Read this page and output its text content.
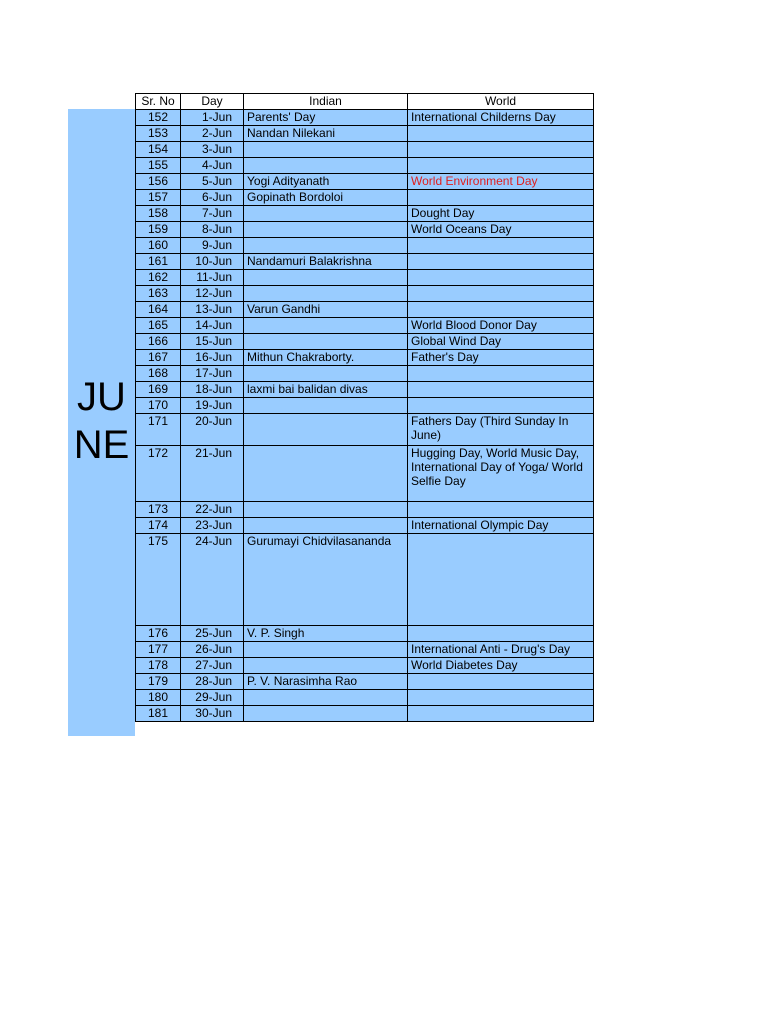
JU
NE
Sr. No	Day	Indian	World
152	1-Jun	Parents' Day	International Childerns Day
153	2-Jun	Nandan Nilekani	
154	3-Jun		
155	4-Jun		
156	5-Jun	Yogi Adityanath	World Environment Day
157	6-Jun	Gopinath Bordoloi	
158	7-Jun		Dought Day
159	8-Jun		World Oceans Day
160	9-Jun		
161	10-Jun	Nandamuri Balakrishna	
162	11-Jun		
163	12-Jun		
164	13-Jun	Varun Gandhi	
165	14-Jun		World Blood Donor Day
166	15-Jun		Global Wind Day
167	16-Jun	Mithun Chakraborty.	Father's Day
168	17-Jun		
169	18-Jun	laxmi bai balidan divas	
170	19-Jun		
171	20-Jun		Fathers Day (Third Sunday In June)
172	21-Jun		Hugging Day, World Music Day, International Day of Yoga/ World Selfie Day
173	22-Jun		
174	23-Jun		International Olympic Day
175	24-Jun	Gurumayi Chidvilasananda	
176	25-Jun	V. P. Singh	
177	26-Jun		International Anti - Drug's Day
178	27-Jun		World Diabetes Day
179	28-Jun	P. V. Narasimha Rao	
180	29-Jun		
181	30-Jun		
